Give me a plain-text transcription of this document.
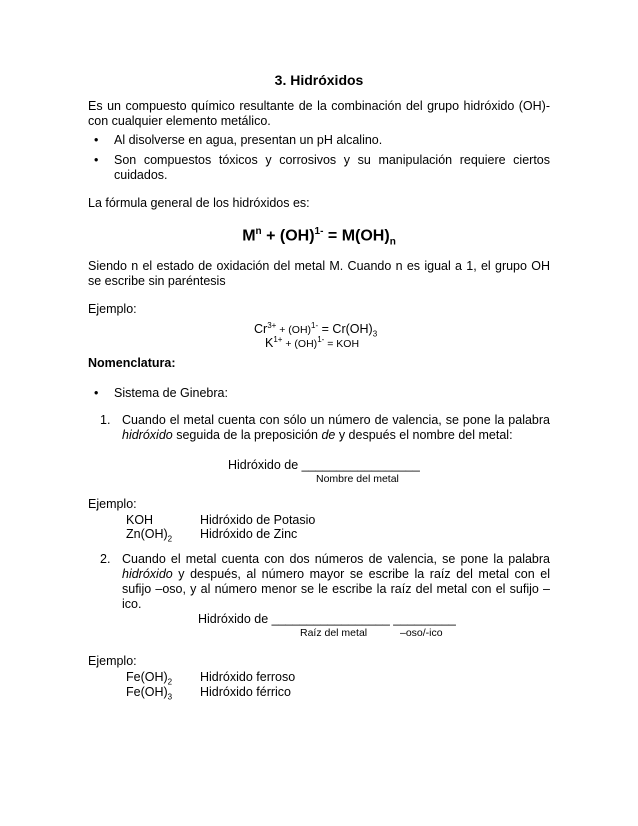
3. Hidróxidos
Es un compuesto químico resultante de la combinación del grupo hidróxido (OH)- con cualquier elemento metálico.
• Al disolverse en agua, presentan un pH alcalino.
• Son compuestos tóxicos y corrosivos y su manipulación requiere ciertos cuidados.
La fórmula general de los hidróxidos es:
$M^n + (OH)^{1-} = M(OH)_n$
Siendo n el estado de oxidación del metal M. Cuando n es igual a 1, el grupo OH se escribe sin paréntesis
Ejemplo:
$Cr^{3+} + (OH)^{1-} = Cr(OH)_3$
$K^{1+} + (OH)^{1-}$ = KOH
Nomenclatura:
• Sistema de Ginebra:
1. Cuando el metal cuenta con sólo un número de valencia, se pone la palabra hidróxido seguida de la preposición de y después el nombre del metal:
Hidróxido de _________________
Nombre del metal
Ejemplo:
KOH	Hidróxido de Potasio
$Zn(OH)_2$ Hidróxido de Zinc
2. Cuando el metal cuenta con dos números de valencia, se pone la palabra hidróxido y después, al número mayor se escribe la raíz del metal con el sufijo –oso, y al número menor se le escribe la raíz del metal con el sufijo –ico.
Hidróxido de _________________ _________
Raíz del metal	–oso/-ico
Ejemplo:
$Fe(OH)_2$ Hidróxido ferroso
$Fe(OH)_3$ Hidróxido férrico
